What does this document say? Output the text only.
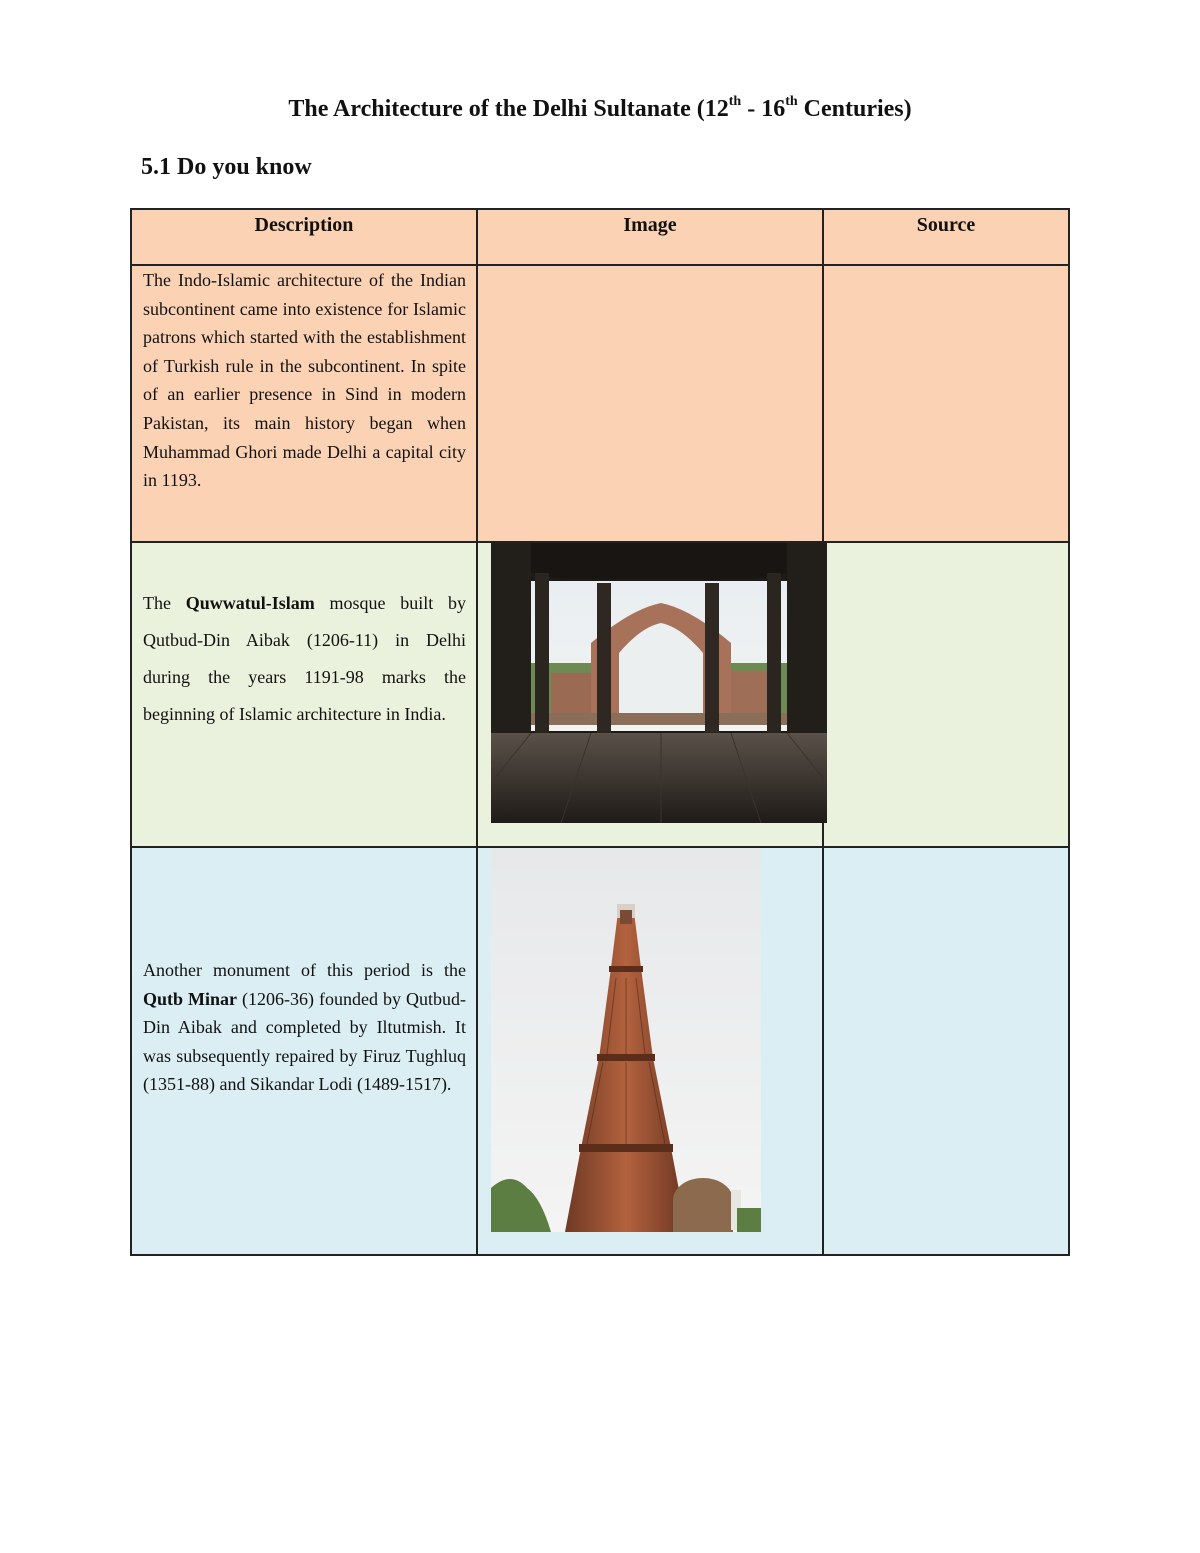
The Architecture of the Delhi Sultanate (12th - 16th Centuries)
5.1 Do you know
Description	Image	Source

The Indo-Islamic architecture of the Indian subcontinent came into existence for Islamic patrons which started with the establishment of Turkish rule in the subcontinent. In spite of an earlier presence in Sind in modern Pakistan, its main history began when Muhammad Ghori made Delhi a capital city in 1193.		

The Quwwatul-Islam mosque built by Qutbud-Din Aibak (1206-11) in Delhi during the years 1191-98 marks the beginning of Islamic architecture in India.

Another monument of this period is the Qutb Minar (1206-36) founded by Qutbud-Din Aibak and completed by Iltutmish. It was subsequently repaired by Firuz Tughluq (1351-88) and Sikandar Lodi (1489-1517).
